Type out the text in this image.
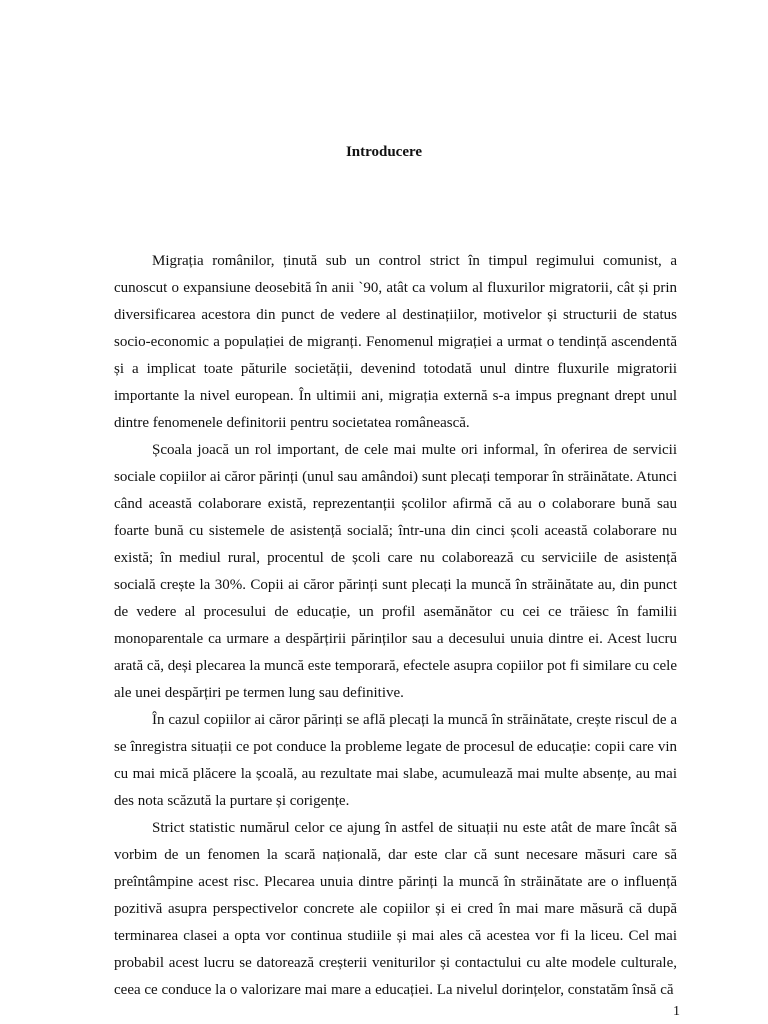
Introducere

Migrația românilor, ținută sub un control strict în timpul regimului comunist, a cunoscut o expansiune deosebită în anii `90, atât ca volum al fluxurilor migratorii, cât și prin diversificarea acestora din punct de vedere al destinațiilor, motivelor și structurii de status socio-economic a populației de migranți. Fenomenul migrației a urmat o tendință ascendentă și a implicat toate păturile societății, devenind totodată unul dintre fluxurile migratorii importante la nivel european. În ultimii ani, migrația externă s-a impus pregnant drept unul dintre fenomenele definitorii pentru societatea românească.

Școala joacă un rol important, de cele mai multe ori informal, în oferirea de servicii sociale copiilor ai căror părinți (unul sau amândoi) sunt plecați temporar în străinătate. Atunci când această colaborare există, reprezentanții școlilor afirmă că au o colaborare bună sau foarte bună cu sistemele de asistență socială; într-una din cinci școli această colaborare nu există; în mediul rural, procentul de școli care nu colaborează cu serviciile de asistență socială crește la 30%. Copii ai căror părinți sunt plecați la muncă în străinătate au, din punct de vedere al procesului de educație, un profil asemănător cu cei ce trăiesc în familii monoparentale ca urmare a despărțirii părinților sau a decesului unuia dintre ei. Acest lucru arată că, deși plecarea la muncă este temporară, efectele asupra copiilor pot fi similare cu cele ale unei despărțiri pe termen lung sau definitive.

În cazul copiilor ai căror părinți se află plecați la muncă în străinătate, crește riscul de a se înregistra situații ce pot conduce la probleme legate de procesul de educație: copii care vin cu mai mică plăcere la școală, au rezultate mai slabe, acumulează mai multe absențe, au mai des nota scăzută la purtare și corigențe.

Strict statistic numărul celor ce ajung în astfel de situații nu este atât de mare încât să vorbim de un fenomen la scară națională, dar este clar că sunt necesare măsuri care să preîntâmpine acest risc. Plecarea unuia dintre părinți la muncă în străinătate are o influență pozitivă asupra perspectivelor concrete ale copiilor și ei cred în mai mare măsură că după terminarea clasei a opta vor continua studiile și mai ales că acestea vor fi la liceu. Cel mai probabil acest lucru se datorează creșterii veniturilor și contactului cu alte modele culturale, ceea ce conduce la o valorizare mai mare a educației. La nivelul dorințelor, constatăm însă că

1
